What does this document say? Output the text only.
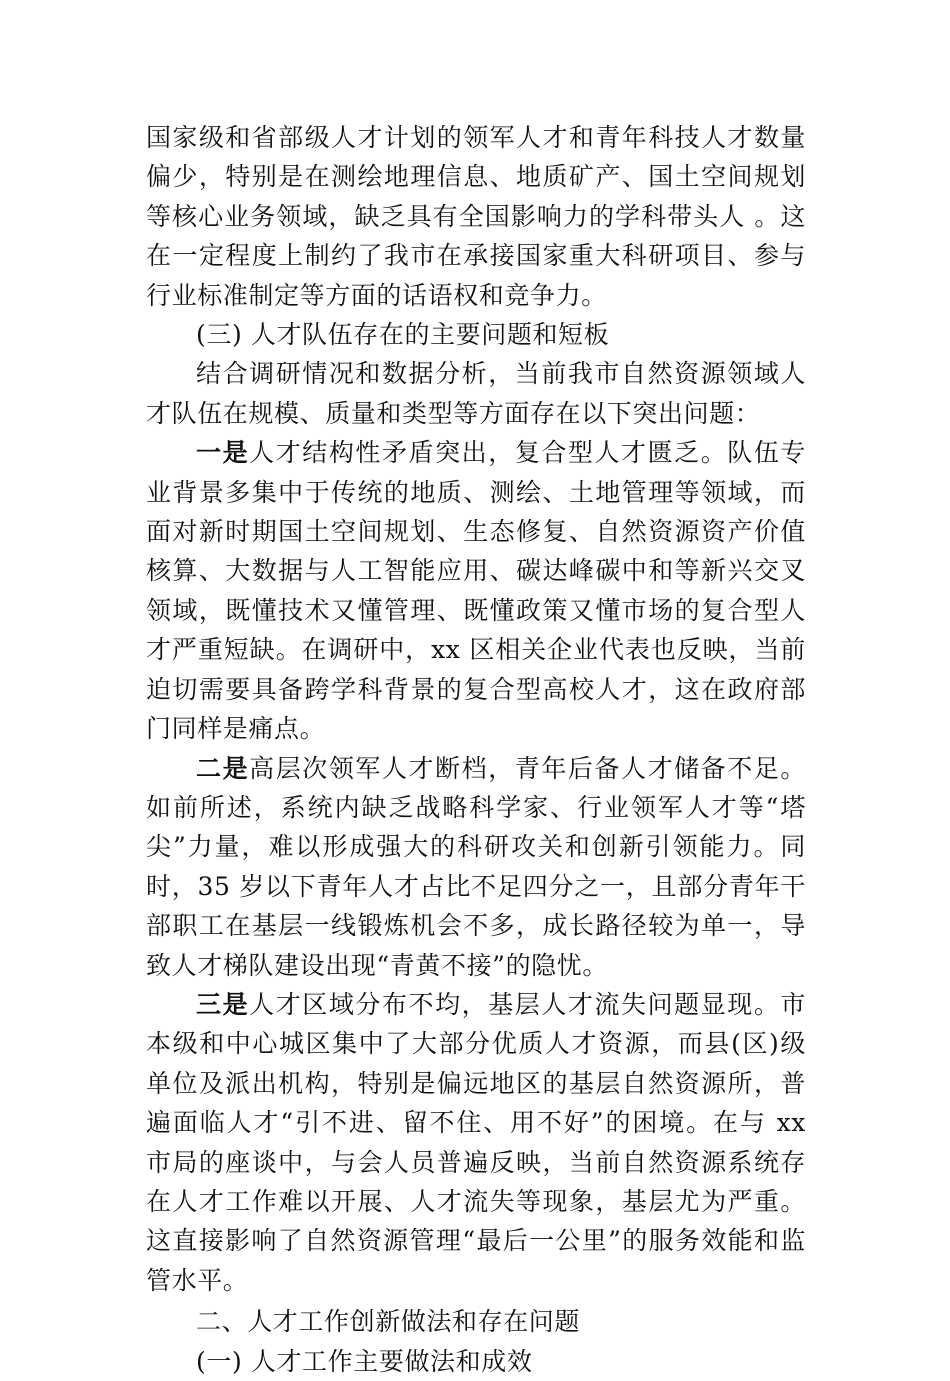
国家级和省部级人才计划的领军人才和青年科技人才数量偏少，特别是在测绘地理信息、地质矿产、国土空间规划等核心业务领域，缺乏具有全国影响力的学科带头人 。这在一定程度上制约了我市在承接国家重大科研项目、参与行业标准制定等方面的话语权和竞争力。

(三) 人才队伍存在的主要问题和短板

结合调研情况和数据分析，当前我市自然资源领域人才队伍在规模、质量和类型等方面存在以下突出问题：

一是人才结构性矛盾突出，复合型人才匮乏。队伍专业背景多集中于传统的地质、测绘、土地管理等领域，而面对新时期国土空间规划、生态修复、自然资源资产价值核算、大数据与人工智能应用、碳达峰碳中和等新兴交叉领域，既懂技术又懂管理、既懂政策又懂市场的复合型人才严重短缺。在调研中，xx 区相关企业代表也反映，当前迫切需要具备跨学科背景的复合型高校人才，这在政府部门同样是痛点。

二是高层次领军人才断档，青年后备人才储备不足。如前所述，系统内缺乏战略科学家、行业领军人才等“塔尖”力量，难以形成强大的科研攻关和创新引领能力。同时，35 岁以下青年人才占比不足四分之一，且部分青年干部职工在基层一线锻炼机会不多，成长路径较为单一，导致人才梯队建设出现“青黄不接”的隐忧。

三是人才区域分布不均，基层人才流失问题显现。市本级和中心城区集中了大部分优质人才资源，而县(区)级单位及派出机构，特别是偏远地区的基层自然资源所，普遍面临人才“引不进、留不住、用不好”的困境。在与 xx 市局的座谈中，与会人员普遍反映，当前自然资源系统存在人才工作难以开展、人才流失等现象，基层尤为严重。这直接影响了自然资源管理“最后一公里”的服务效能和监管水平。

二、人才工作创新做法和存在问题

(一) 人才工作主要做法和成效
